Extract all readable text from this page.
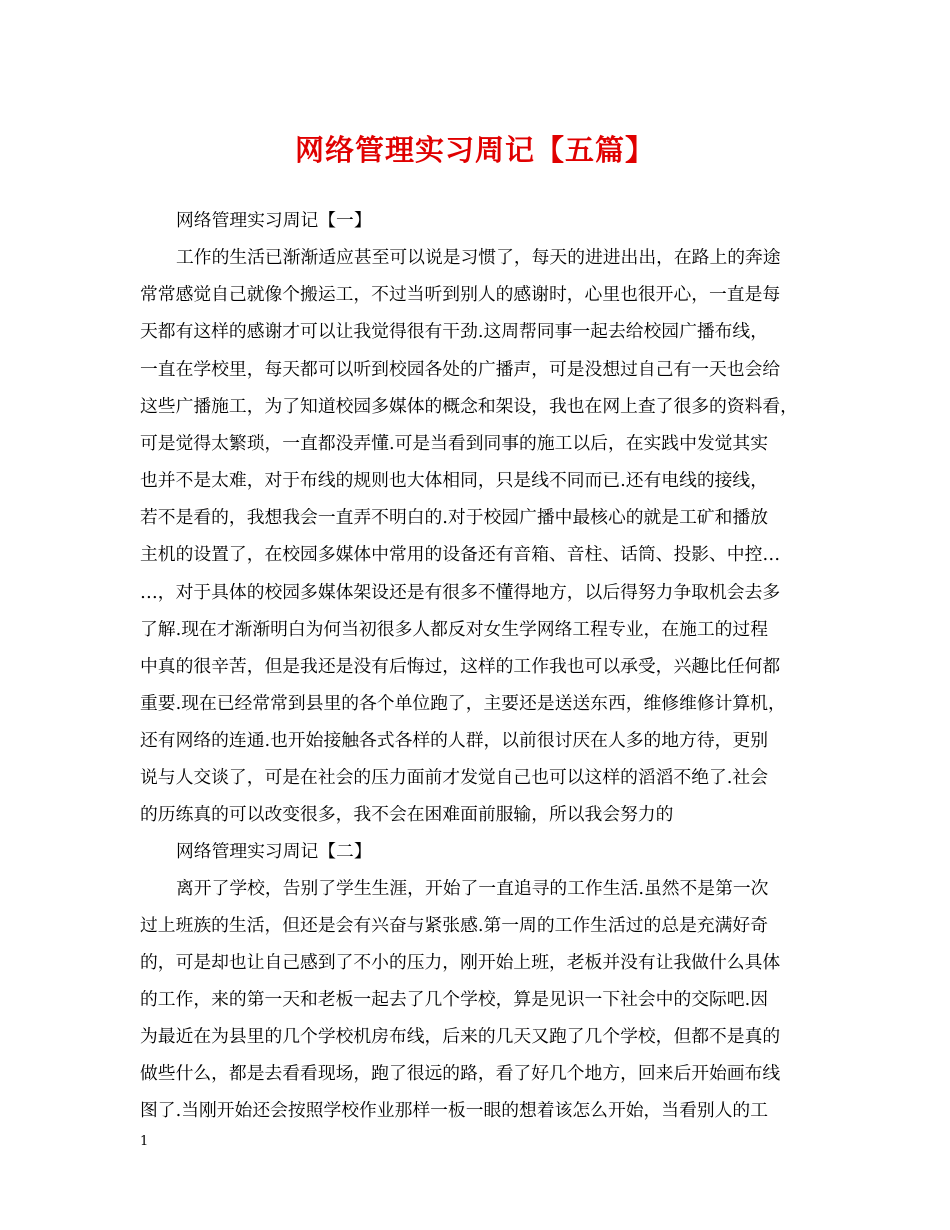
网络管理实习周记【五篇】
网络管理实习周记【一】
工作的生活已渐渐适应甚至可以说是习惯了，每天的进进出出，在路上的奔途
常常感觉自己就像个搬运工，不过当听到别人的感谢时，心里也很开心，一直是每
天都有这样的感谢才可以让我觉得很有干劲.这周帮同事一起去给校园广播布线，
一直在学校里，每天都可以听到校园各处的广播声，可是没想过自己有一天也会给
这些广播施工，为了知道校园多媒体的概念和架设，我也在网上查了很多的资料看，
可是觉得太繁琐，一直都没弄懂.可是当看到同事的施工以后，在实践中发觉其实
也并不是太难，对于布线的规则也大体相同，只是线不同而已.还有电线的接线，
若不是看的，我想我会一直弄不明白的.对于校园广播中最核心的就是工矿和播放
主机的设置了，在校园多媒体中常用的设备还有音箱、音柱、话筒、投影、中控…
…，对于具体的校园多媒体架设还是有很多不懂得地方，以后得努力争取机会去多
了解.现在才渐渐明白为何当初很多人都反对女生学网络工程专业，在施工的过程
中真的很辛苦，但是我还是没有后悔过，这样的工作我也可以承受，兴趣比任何都
重要.现在已经常常到县里的各个单位跑了，主要还是送送东西，维修维修计算机，
还有网络的连通.也开始接触各式各样的人群，以前很讨厌在人多的地方待，更别
说与人交谈了，可是在社会的压力面前才发觉自己也可以这样的滔滔不绝了.社会
的历练真的可以改变很多，我不会在困难面前服输，所以我会努力的
网络管理实习周记【二】
离开了学校，告别了学生生涯，开始了一直追寻的工作生活.虽然不是第一次
过上班族的生活，但还是会有兴奋与紧张感.第一周的工作生活过的总是充满好奇
的，可是却也让自己感到了不小的压力，刚开始上班，老板并没有让我做什么具体
的工作，来的第一天和老板一起去了几个学校，算是见识一下社会中的交际吧.因
为最近在为县里的几个学校机房布线，后来的几天又跑了几个学校，但都不是真的
做些什么，都是去看看现场，跑了很远的路，看了好几个地方，回来后开始画布线
图了.当刚开始还会按照学校作业那样一板一眼的想着该怎么开始，当看别人的工
1
